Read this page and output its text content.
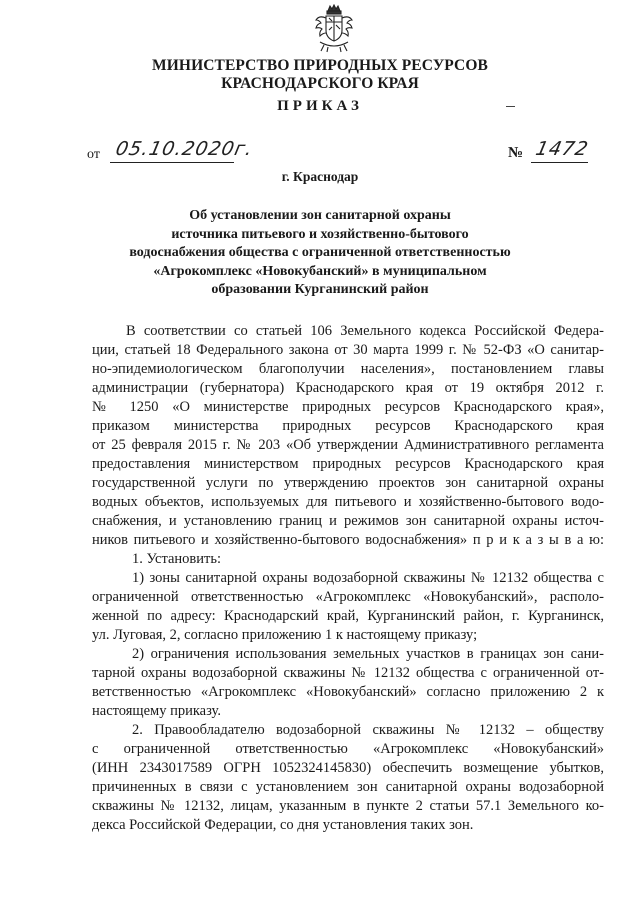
МИНИСТЕРСТВО ПРИРОДНЫХ РЕСУРСОВ
КРАСНОДАРСКОГО КРАЯ
ПРИКАЗ
от 05.10.2020г.	№ 1472
г. Краснодар
Об установлении зон санитарной охраны
источника питьевого и хозяйственно-бытового
водоснабжения общества с ограниченной ответственностью
«Агрокомплекс «Новокубанский» в муниципальном
образовании Курганинский район
В соответствии со статьей 106 Земельного кодекса Российской Федера-
ции, статьей 18 Федерального закона от 30 марта 1999 г. № 52-ФЗ «О санитар-
но-эпидемиологическом благополучии населения», постановлением главы
администрации (губернатора) Краснодарского края от 19 октября 2012 г.
№ 1250 «О министерстве природных ресурсов Краснодарского края»,
приказом министерства природных ресурсов Краснодарского края
от 25 февраля 2015 г. № 203 «Об утверждении Административного регламента
предоставления министерством природных ресурсов Краснодарского края
государственной услуги по утверждению проектов зон санитарной охраны
водных объектов, используемых для питьевого и хозяйственно-бытового водо-
снабжения, и установлению границ и режимов зон санитарной охраны источ-
ников питьевого и хозяйственно-бытового водоснабжения» п р и к а з ы в а ю:
1. Установить:
1) зоны санитарной охраны водозаборной скважины № 12132 общества с
ограниченной ответственностью «Агрокомплекс «Новокубанский», располо-
женной по адресу: Краснодарский край, Курганинский район, г. Курганинск,
ул. Луговая, 2, согласно приложению 1 к настоящему приказу;
2) ограничения использования земельных участков в границах зон сани-
тарной охраны водозаборной скважины № 12132 общества с ограниченной от-
ветственностью «Агрокомплекс «Новокубанский» согласно приложению 2 к
настоящему приказу.
2. Правообладателю водозаборной скважины № 12132 – обществу
с ограниченной ответственностью «Агрокомплекс «Новокубанский»
(ИНН 2343017589 ОГРН 1052324145830) обеспечить возмещение убытков,
причиненных в связи с установлением зон санитарной охраны водозаборной
скважины № 12132, лицам, указанным в пункте 2 статьи 57.1 Земельного ко-
декса Российской Федерации, со дня установления таких зон.
